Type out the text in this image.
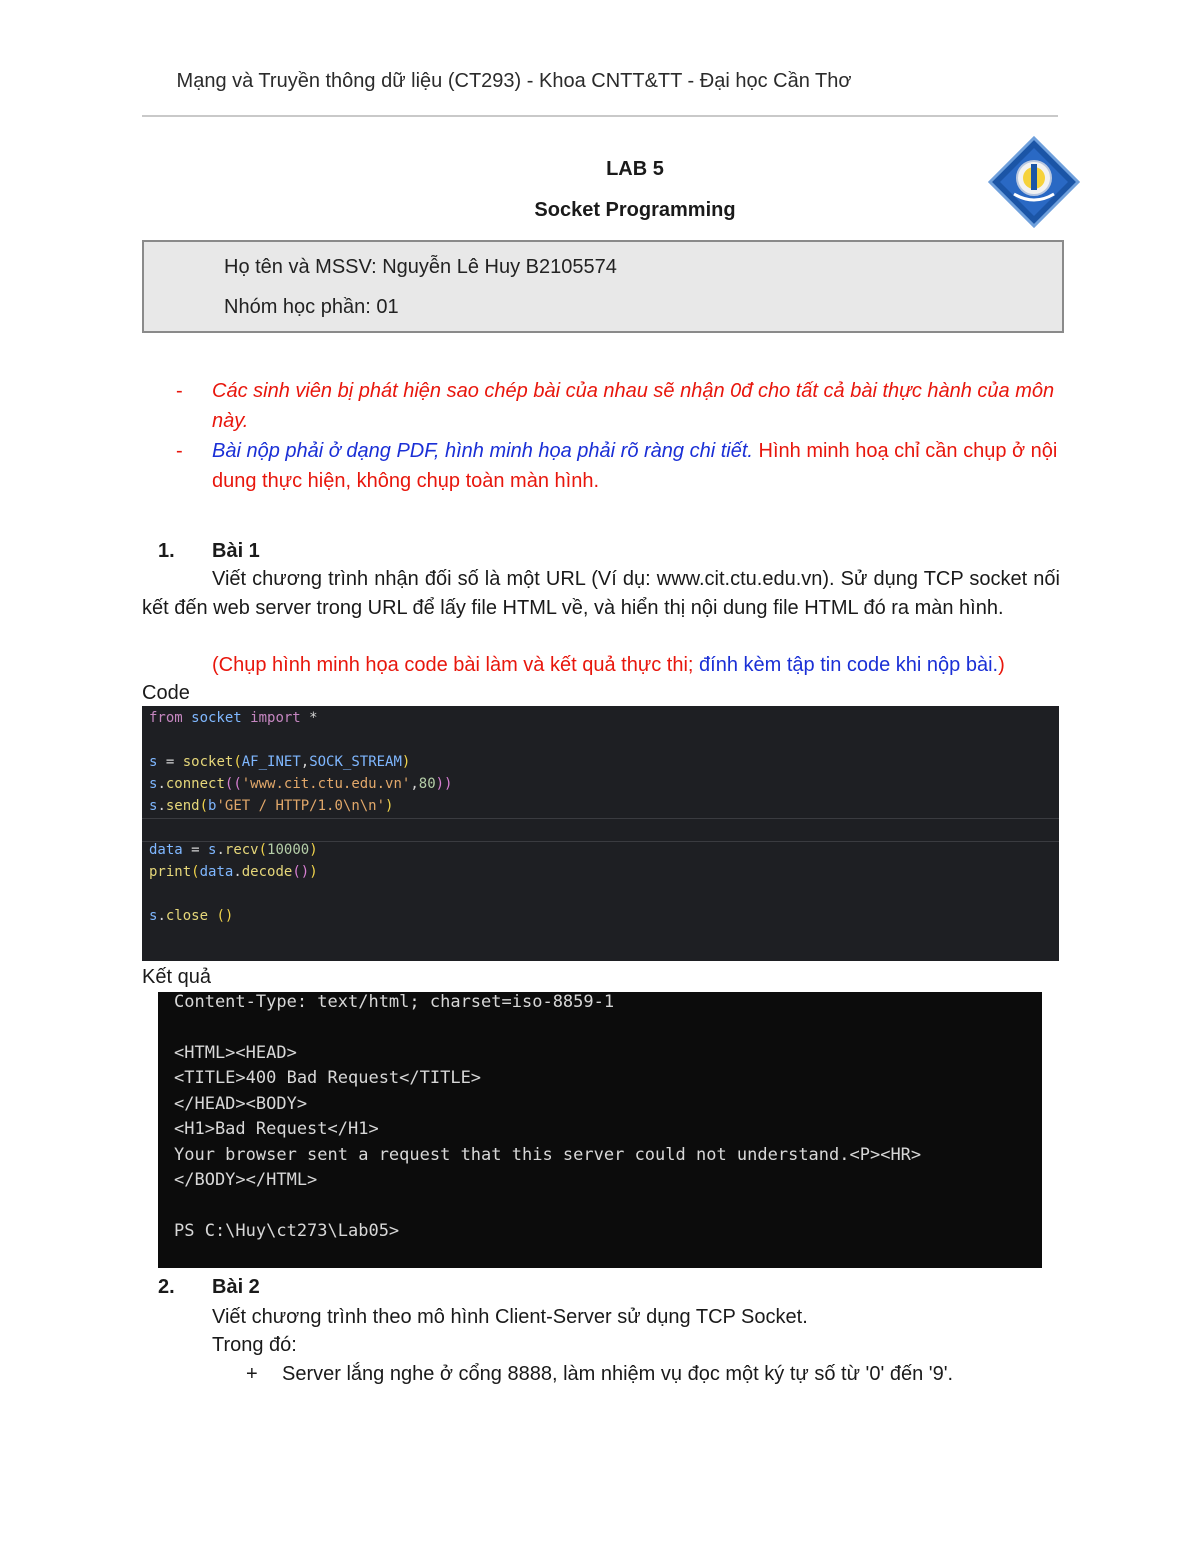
Mạng và Truyền thông dữ liệu (CT293) - Khoa CNTT&TT - Đại học Cần Thơ
LAB 5
Socket Programming
Họ tên và MSSV: Nguyễn Lê Huy B2105574
Nhóm học phần: 01
- Các sinh viên bị phát hiện sao chép bài của nhau sẽ nhận 0đ cho tất cả bài thực hành của môn này.
- Bài nộp phải ở dạng PDF, hình minh họa phải rõ ràng chi tiết. Hình minh hoạ chỉ cần chụp ở nội dung thực hiện, không chụp toàn màn hình.
1. Bài 1
Viết chương trình nhận đối số là một URL (Ví dụ: www.cit.ctu.edu.vn). Sử dụng TCP socket nối kết đến web server trong URL để lấy file HTML về, và hiển thị nội dung file HTML đó ra màn hình.
(Chụp hình minh họa code bài làm và kết quả thực thi; đính kèm tập tin code khi nộp bài.)
Code
from socket import *
s = socket(AF_INET,SOCK_STREAM)
s.connect(('www.cit.ctu.edu.vn',80))
s.send(b'GET / HTTP/1.0\n\n')
data = s.recv(10000)
print(data.decode())
s.close ()
Kết quả
Content-Type: text/html; charset=iso-8859-1
<HTML><HEAD>
<TITLE>400 Bad Request</TITLE>
</HEAD><BODY>
<H1>Bad Request</H1>
Your browser sent a request that this server could not understand.<P><HR>
</BODY></HTML>
PS C:\Huy\ct273\Lab05>
2. Bài 2
Viết chương trình theo mô hình Client-Server sử dụng TCP Socket.
Trong đó:
+ Server lắng nghe ở cổng 8888, làm nhiệm vụ đọc một ký tự số từ '0' đến '9'.
